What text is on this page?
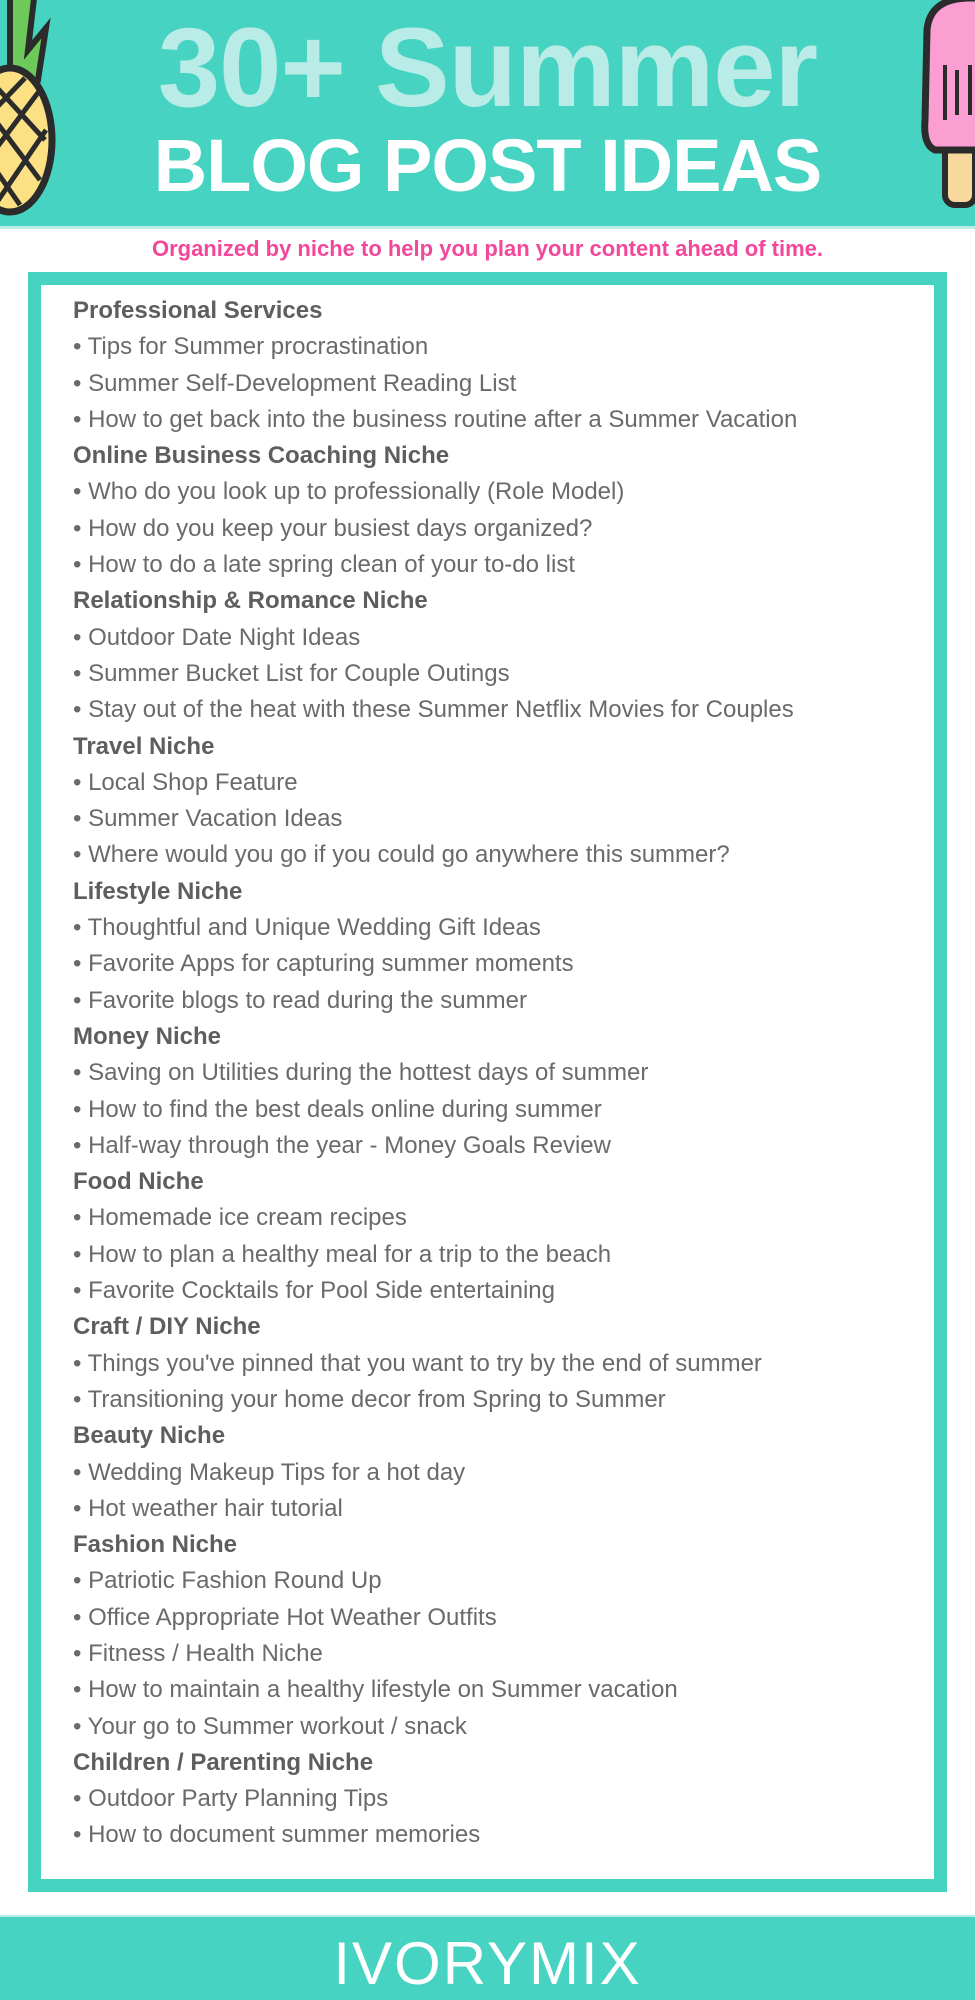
30+ Summer
BLOG POST IDEAS
Organized by niche to help you plan your content ahead of time.
Professional Services
• Tips for Summer procrastination
• Summer Self-Development Reading List
• How to get back into the business routine after a Summer Vacation
Online Business Coaching Niche
• Who do you look up to professionally (Role Model)
• How do you keep your busiest days organized?
• How to do a late spring clean of your to-do list
Relationship & Romance Niche
• Outdoor Date Night Ideas
• Summer Bucket List for Couple Outings
• Stay out of the heat with these Summer Netflix Movies for Couples
Travel Niche
• Local Shop Feature
• Summer Vacation Ideas
• Where would you go if you could go anywhere this summer?
Lifestyle Niche
• Thoughtful and Unique Wedding Gift Ideas
• Favorite Apps for capturing summer moments
• Favorite blogs to read during the summer
Money Niche
• Saving on Utilities during the hottest days of summer
• How to find the best deals online during summer
• Half-way through the year - Money Goals Review
Food Niche
• Homemade ice cream recipes
• How to plan a healthy meal for a trip to the beach
• Favorite Cocktails for Pool Side entertaining
Craft / DIY Niche
• Things you've pinned that you want to try by the end of summer
• Transitioning your home decor from Spring to Summer
Beauty Niche
• Wedding Makeup Tips for a hot day
• Hot weather hair tutorial
Fashion Niche
• Patriotic Fashion Round Up
• Office Appropriate Hot Weather Outfits
• Fitness / Health Niche
• How to maintain a healthy lifestyle on Summer vacation
• Your go to Summer workout / snack
Children / Parenting Niche
• Outdoor Party Planning Tips
• How to document summer memories
IVORYMIX
